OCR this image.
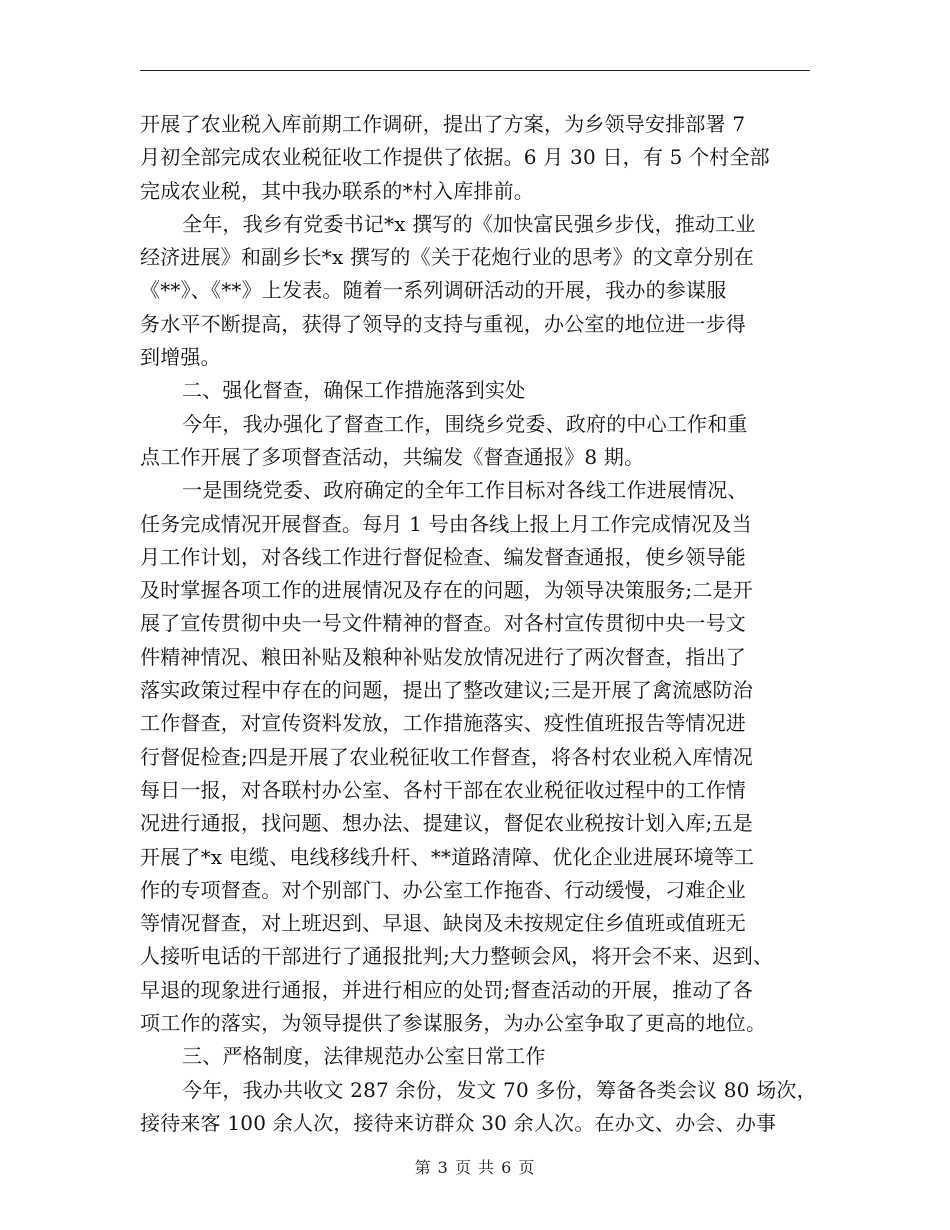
开展了农业税入库前期工作调研，提出了方案，为乡领导安排部署 7
月初全部完成农业税征收工作提供了依据。6 月 30 日，有 5 个村全部
完成农业税，其中我办联系的*村入库排前。
全年，我乡有党委书记*x 撰写的《加快富民强乡步伐，推动工业
经济进展》和副乡长*x 撰写的《关于花炮行业的思考》的文章分别在
《**》、《**》上发表。随着一系列调研活动的开展，我办的参谋服
务水平不断提高，获得了领导的支持与重视，办公室的地位进一步得
到增强。
二、强化督查，确保工作措施落到实处
今年，我办强化了督查工作，围绕乡党委、政府的中心工作和重
点工作开展了多项督查活动，共编发《督查通报》8 期。
一是围绕党委、政府确定的全年工作目标对各线工作进展情况、
任务完成情况开展督查。每月 1 号由各线上报上月工作完成情况及当
月工作计划，对各线工作进行督促检查、编发督查通报，使乡领导能
及时掌握各项工作的进展情况及存在的问题，为领导决策服务;二是开
展了宣传贯彻中央一号文件精神的督查。对各村宣传贯彻中央一号文
件精神情况、粮田补贴及粮种补贴发放情况进行了两次督查，指出了
落实政策过程中存在的问题，提出了整改建议;三是开展了禽流感防治
工作督查，对宣传资料发放，工作措施落实、疫性值班报告等情况进
行督促检查;四是开展了农业税征收工作督查，将各村农业税入库情况
每日一报，对各联村办公室、各村干部在农业税征收过程中的工作情
况进行通报，找问题、想办法、提建议，督促农业税按计划入库;五是
开展了*x 电缆、电线移线升杆、**道路清障、优化企业进展环境等工
作的专项督查。对个别部门、办公室工作拖沓、行动缓慢，刁难企业
等情况督查，对上班迟到、早退、缺岗及未按规定住乡值班或值班无
人接听电话的干部进行了通报批判;大力整顿会风，将开会不来、迟到、
早退的现象进行通报，并进行相应的处罚;督查活动的开展，推动了各
项工作的落实，为领导提供了参谋服务，为办公室争取了更高的地位。
三、严格制度，法律规范办公室日常工作
今年，我办共收文 287 余份，发文 70 多份，筹备各类会议 80 场次，
接待来客 100 余人次，接待来访群众 30 余人次。在办文、办会、办事
第 3 页 共 6 页
